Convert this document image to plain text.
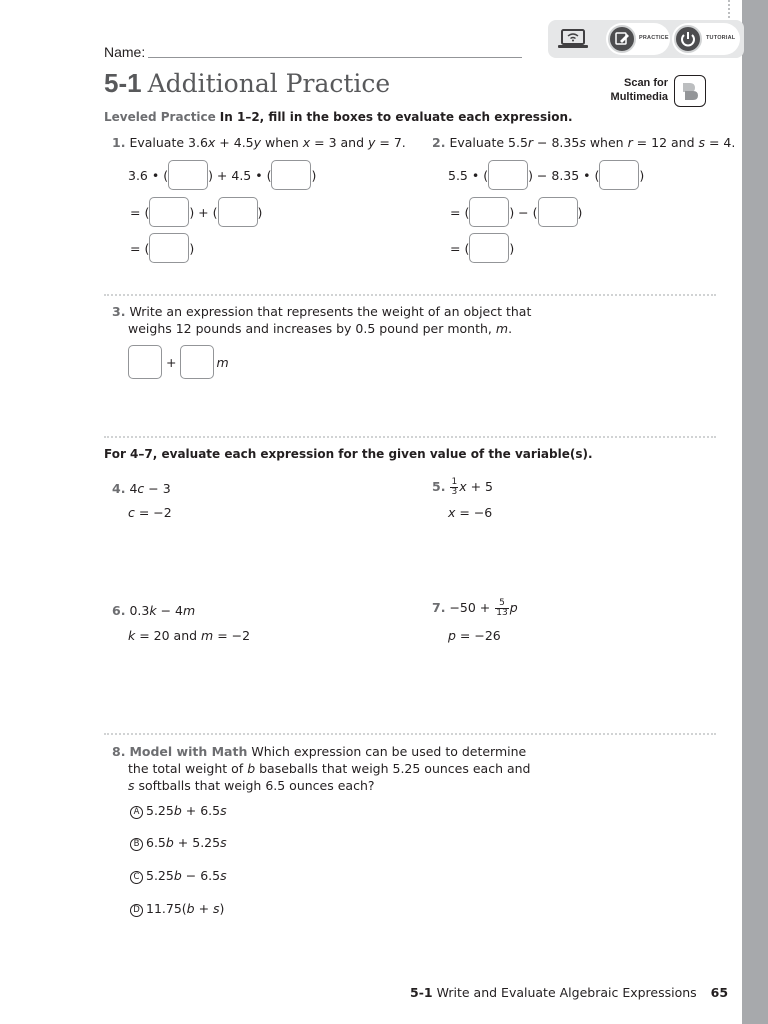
PRACTICE	TUTORIAL
Name:
5-1 Additional Practice	Scan for
Multimedia
Leveled Practice In 1–2, fill in the boxes to evaluate each expression.
1. Evaluate 3.6x + 4.5y when x = 3 and y = 7.
3.6 • (	) + 4.5 • (	)
= (	) + (	)
= (	)
2. Evaluate 5.5r − 8.35s when r = 12 and s = 4.
5.5 • (	) − 8.35 • (	)
= (	) − (	)
= (	)
3. Write an expression that represents the weight of an object that
weighs 12 pounds and increases by 0.5 pound per month, m.
+	m
For 4–7, evaluate each expression for the given value of the variable(s).
4. 4c − 3
c = −2
5. $\frac{1}{3}$ x + 5
x = −6
6. 0.3k − 4m
k = 20 and m = −2
7. $-50 + \frac{5}{13}$ p
p = −26
8. Model with Math Which expression can be used to determine
the total weight of b baseballs that weigh 5.25 ounces each and
s softballs that weigh 6.5 ounces each?
A 5.25b + 6.5s
B 6.5b + 5.25s
C 5.25b − 6.5s
D 11.75(b + s)
5-1 Write and Evaluate Algebraic Expressions 65
